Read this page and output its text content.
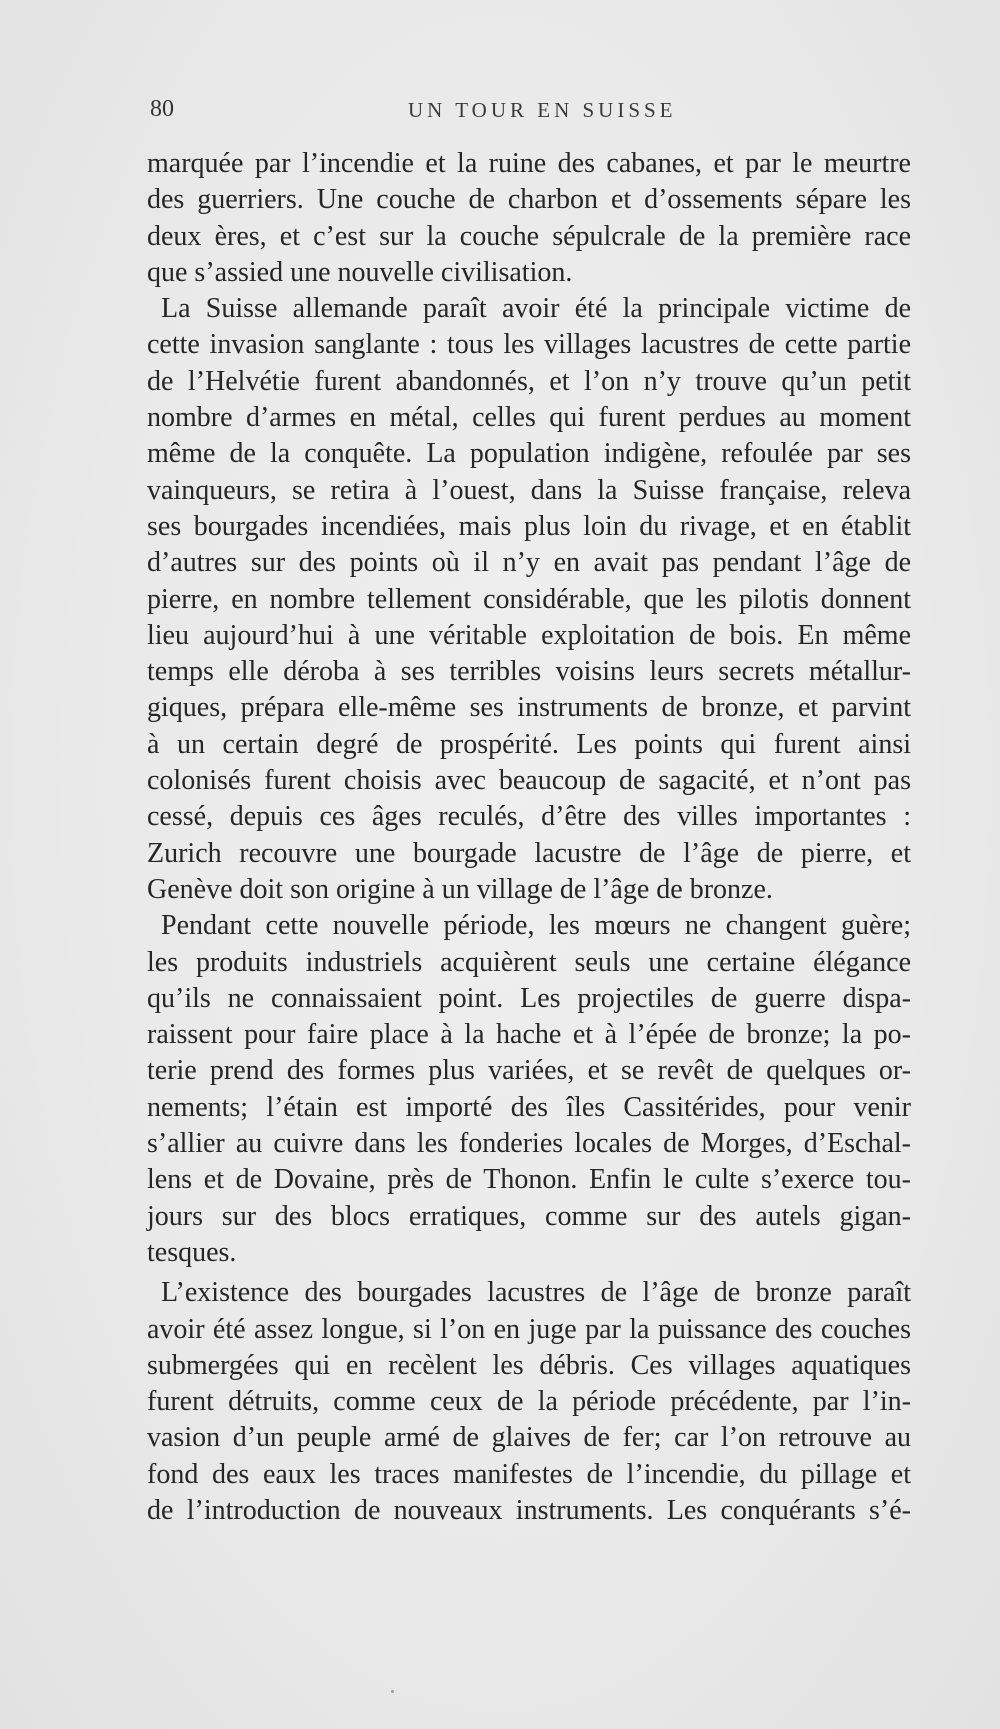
80	UN TOUR EN SUISSE
marquée par l’incendie et la ruine des cabanes, et par le meurtre
des guerriers. Une couche de charbon et d’ossements sépare les
deux ères, et c’est sur la couche sépulcrale de la première race
que s’assied une nouvelle civilisation.
La Suisse allemande paraît avoir été la principale victime de
cette invasion sanglante : tous les villages lacustres de cette partie
de l’Helvétie furent abandonnés, et l’on n’y trouve qu’un petit
nombre d’armes en métal, celles qui furent perdues au moment
même de la conquête. La population indigène, refoulée par ses
vainqueurs, se retira à l’ouest, dans la Suisse française, releva
ses bourgades incendiées, mais plus loin du rivage, et en établit
d’autres sur des points où il n’y en avait pas pendant l’âge de
pierre, en nombre tellement considérable, que les pilotis donnent
lieu aujourd’hui à une véritable exploitation de bois. En même
temps elle déroba à ses terribles voisins leurs secrets métallur-
giques, prépara elle-même ses instruments de bronze, et parvint
à un certain degré de prospérité. Les points qui furent ainsi
colonisés furent choisis avec beaucoup de sagacité, et n’ont pas
cessé, depuis ces âges reculés, d’être des villes importantes :
Zurich recouvre une bourgade lacustre de l’âge de pierre, et
Genève doit son origine à un village de l’âge de bronze.
Pendant cette nouvelle période, les mœurs ne changent guère;
les produits industriels acquièrent seuls une certaine élégance
qu’ils ne connaissaient point. Les projectiles de guerre dispa-
raissent pour faire place à la hache et à l’épée de bronze; la po-
terie prend des formes plus variées, et se revêt de quelques or-
nements; l’étain est importé des îles Cassitérides, pour venir
s’allier au cuivre dans les fonderies locales de Morges, d’Eschal-
lens et de Dovaine, près de Thonon. Enfin le culte s’exerce tou-
jours sur des blocs erratiques, comme sur des autels gigan-
tesques.
L’existence des bourgades lacustres de l’âge de bronze paraît
avoir été assez longue, si l’on en juge par la puissance des couches
submergées qui en recèlent les débris. Ces villages aquatiques
furent détruits, comme ceux de la période précédente, par l’in-
vasion d’un peuple armé de glaives de fer; car l’on retrouve au
fond des eaux les traces manifestes de l’incendie, du pillage et
de l’introduction de nouveaux instruments. Les conquérants s’é-
